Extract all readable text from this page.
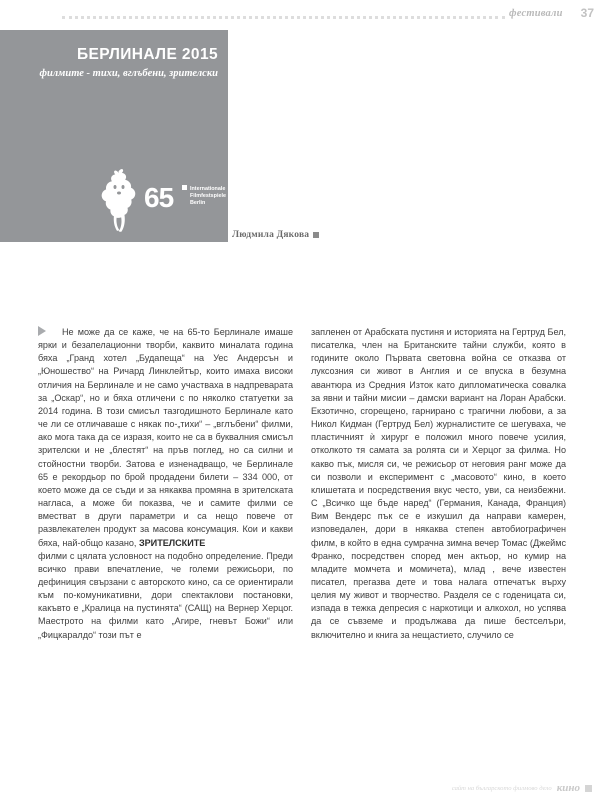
фестивали 37
БЕРЛИНАЛЕ 2015
филмите - тихи, вглъбени, зрителски
65	Internationale
Filmfestspiele
Berlin
Людмила Дякова

Не може да се каже, че на 65-то Берлинале имаше ярки и безапелационни творби, каквито миналата година бяха „Гранд хотел „Будапеща“ на Уес Андерсън и „Юношество“ на Ричард Линклейтър, които имаха високи отличия на Берлинале и не само участваха в надпреварата за „Оскар“, но и бяха отличени с по няколко статуетки за 2014 година. В този смисъл тазгодишното Берлинале като че ли се отличаваше с някак по-„тихи“ – „вглъбени“ филми, ако мога така да се изразя, които не са в буквалния смисъл зрителски и не „блестят“ на пръв поглед, но са силни и стойностни творби. Затова е изненадващо, че Берлинале 65 е рекордьор по брой продадени билети – 334 000, от което може да се съди и за някаква промяна в зрителската нагласа, а може би показва, че и самите филми се вместват в други параметри и са нещо повече от развлекателен продукт за масова консумация. Кои и какви бяха, най-общо казано, ЗРИТЕЛСКИТЕ

филми с цялата условност на подобно определение. Преди всичко прави впечатление, че големи режисьори, по дефиниция свързани с авторското кино, са се ориентирали към по-комуникативни, дори спектаклови постановки, какъвто е „Кралица на пустинята“ (САЩ) на Вернер Херцог. Маестрото на филми като „Агире, гневът Божи“ или „Фицкаралдо“ този път е

запленен от Арабската пустиня и историята на Гертруд Бел, писателка, член на Британските тайни служби, която в годините около Първата световна война се отказва от луксозния си живот в Англия и се впуска в безумна авантюра из Средния Изток като дипломатическа совалка за явни и тайни мисии – дамски вариант на Лоран Арабски. Екзотично, сгорещено, гарнирано с трагични любови, а за Никол Кидман (Гертруд Бел) журналистите се шегуваха, че пластичният ѝ хирург е положил много повече усилия, отколкото тя самата за ролята си и Херцог за филма. Но какво пък, мисля си, че режисьор от неговия ранг може да си позволи и експеримент с „масовото“ кино, в което клишетата и посредствения вкус често, уви, са неизбежни. С „Всичко ще бъде наред“ (Германия, Канада, Франция) Вим Вендерс пък се е изкушил да направи камерен, изповедален, дори в някаква степен автобиографичен филм, в който в една сумрачна зимна вечер Томас (Джеймс Франко, посредствен според мен актьор, но кумир на младите момчета и момичета), млад , вече известен писател, прегазва дете и това налага отпечатък върху целия му живот и творчество. Разделя се с годеницата си, изпада в тежка депресия с наркотици и алкохол, но успява да се съвземе и продължава да пише бестселъри, включително и книга за нещастието, случило се

сайт на българското филмово дело кино
